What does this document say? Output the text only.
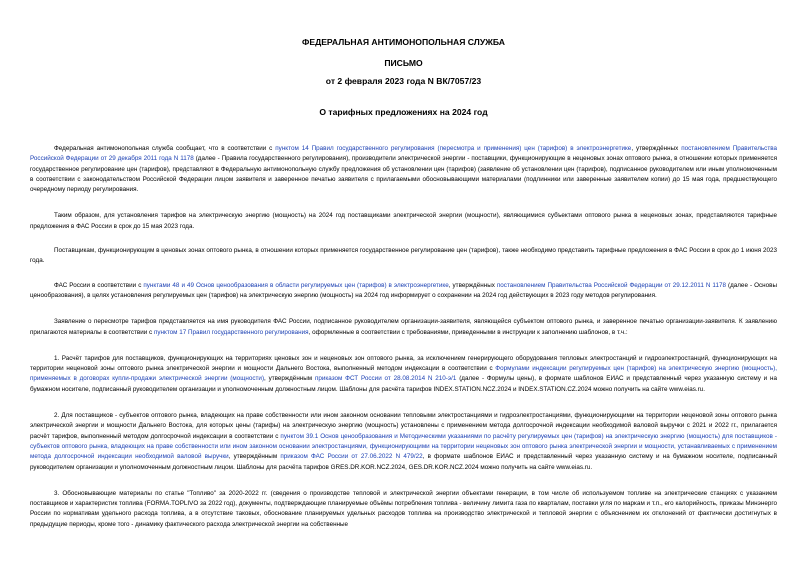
ФЕДЕРАЛЬНАЯ АНТИМОНОПОЛЬНАЯ СЛУЖБА
ПИСЬМО
от 2 февраля 2023 года N ВК/7057/23
О тарифных предложениях на 2024 год

Федеральная антимонопольная служба сообщает, что в соответствии с пунктом 14 Правил государственного регулирования (пересмотра и применения) цен (тарифов) в электроэнергетике, утверждённых постановлением Правительства Российской Федерации от 29 декабря 2011 года N 1178 (далее - Правила государственного регулирования), производители электрической энергии - поставщики, функционирующие в неценовых зонах оптового рынка, в отношении которых применяется государственное регулирование цен (тарифов), представляют в Федеральную антимонопольную службу предложения об установлении цен (тарифов) (заявление об установлении цен (тарифов), подписанное руководителем или иным уполномоченным в соответствии с законодательством Российской Федерации лицом заявителя и заверенное печатью заявителя с прилагаемыми обосновывающими материалами (подлинники или заверенные заявителем копии) до 15 мая года, предшествующего очередному периоду регулирования.

Таким образом, для установления тарифов на электрическую энергию (мощность) на 2024 год поставщиками электрической энергии (мощности), являющимися субъектами оптового рынка в неценовых зонах, представляются тарифные предложения в ФАС России в срок до 15 мая 2023 года.

Поставщикам, функционирующим в ценовых зонах оптового рынка, в отношении которых применяется государственное регулирование цен (тарифов), также необходимо представить тарифные предложения в ФАС России в срок до 1 июня 2023 года.

ФАС России в соответствии с пунктами 48 и 49 Основ ценообразования в области регулируемых цен (тарифов) в электроэнергетике, утверждённых постановлением Правительства Российской Федерации от 29.12.2011 N 1178 (далее - Основы ценообразования), в целях установления регулируемых цен (тарифов) на электрическую энергию (мощность) на 2024 год информирует о сохранении на 2024 год действующих в 2023 году методов регулирования.

Заявление о пересмотре тарифов представляется на имя руководителя ФАС России, подписанное руководителем организации-заявителя, являющейся субъектом оптового рынка, и заверенное печатью организации-заявителя. К заявлению прилагаются материалы в соответствии с пунктом 17 Правил государственного регулирования, оформленные в соответствии с требованиями, приведенными в инструкции к заполнению шаблонов, в т.ч.:

1. Расчёт тарифов для поставщиков, функционирующих на территориях ценовых зон и неценовых зон оптового рынка, за исключением генерирующего оборудования тепловых электростанций и гидроэлектростанций, функционирующих на территории неценовой зоны оптового рынка электрической энергии и мощности Дальнего Востока, выполненный методом индексации в соответствии с Формулами индексации регулируемых цен (тарифов) на электрическую энергию (мощность), применяемых в договорах купли-продажи электрической энергии (мощности), утверждённым приказом ФСТ России от 28.08.2014 N 210-э/1 (далее - Формулы цены), в формате шаблонов ЕИАС и представленный через указанную систему и на бумажном носителе, подписанный руководителем организации и уполномоченным должностным лицом. Шаблоны для расчёта тарифов INDEX.STATION.NCZ.2024 и INDEX.STATION.CZ.2024 можно получить на сайте www.eias.ru.

2. Для поставщиков - субъектов оптового рынка, владеющих на праве собственности или ином законном основании тепловыми электростанциями и гидроэлектростанциями, функционирующими на территории неценовой зоны оптового рынка электрической энергии и мощности Дальнего Востока, для которых цены (тарифы) на электрическую энергию (мощность) установлены с применением метода долгосрочной индексации необходимой валовой выручки с 2021 и 2022 гг., прилагается расчёт тарифов, выполненный методом долгосрочной индексации в соответствии с пунктом 39.1 Основ ценообразования и Методическими указаниями по расчёту регулируемых цен (тарифов) на электрическую энергию (мощность) для поставщиков - субъектов оптового рынка, владеющих на праве собственности или ином законном основании электростанциями, функционирующими на территории неценовых зон оптового рынка электрической энергии и мощности, устанавливаемых с применением метода долгосрочной индексации необходимой валовой выручки, утверждённым приказом ФАС России от 27.06.2022 N 479/22, в формате шаблонов ЕИАС и представленный через указанную систему и на бумажном носителе, подписанный руководителем организации и уполномоченным должностным лицом. Шаблоны для расчёта тарифов GRES.DR.KOR.NCZ.2024, GES.DR.KOR.NCZ.2024 можно получить на сайте www.eias.ru.

3. Обосновывающие материалы по статье "Топливо" за 2020-2022 гг. (сведения о производстве тепловой и электрической энергии объектами генерации, в том числе об используемом топливе на электрические станциях с указанием поставщиков и характеристик топлива (FORMA.TOPLIVO за 2022 год), документы, подтверждающие планируемые объёмы потребления топлива - величину лимита газа по кварталам, поставки угля по маркам и т.п., его калорийность, приказы Минэнерго России по нормативам удельного расхода топлива, а в отсутствие таковых, обоснование планируемых удельных расходов топлива на производство электрической и тепловой энергии с объяснением их отклонений от фактически достигнутых в предыдущие периоды, кроме того - динамику фактического расхода электрической энергии на собственные
